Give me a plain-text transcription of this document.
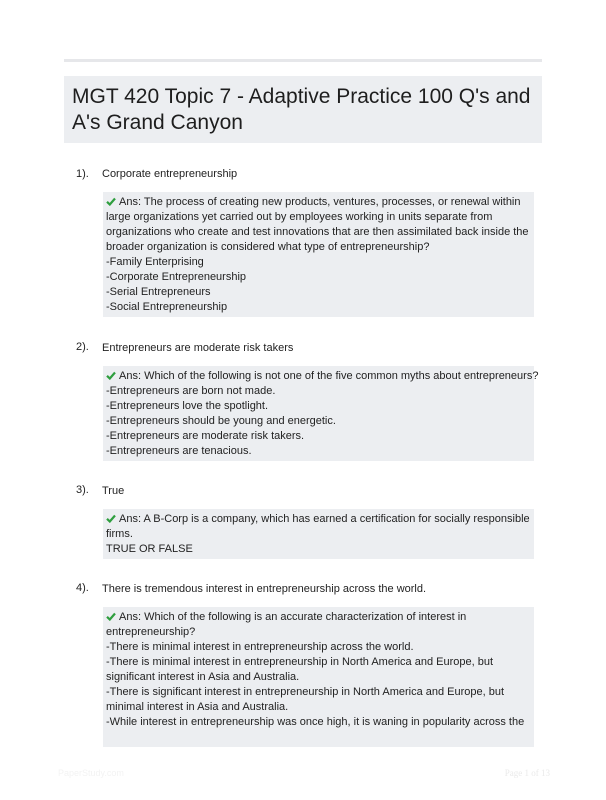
MGT 420 Topic 7 - Adaptive Practice 100 Q's and A's Grand Canyon
1). Corporate entrepreneurship
Ans: The process of creating new products, ventures, processes, or renewal within
large organizations yet carried out by employees working in units separate from
organizations who create and test innovations that are then assimilated back inside the
broader organization is considered what type of entrepreneurship?
-Family Enterprising
-Corporate Entrepreneurship
-Serial Entrepreneurs
-Social Entrepreneurship
2). Entrepreneurs are moderate risk takers
Ans: Which of the following is not one of the five common myths about entrepreneurs?
-Entrepreneurs are born not made.
-Entrepreneurs love the spotlight.
-Entrepreneurs should be young and energetic.
-Entrepreneurs are moderate risk takers.
-Entrepreneurs are tenacious.
3). True
Ans: A B-Corp is a company, which has earned a certification for socially responsible
firms.
TRUE OR FALSE
4). There is tremendous interest in entrepreneurship across the world.
Ans: Which of the following is an accurate characterization of interest in
entrepreneurship?
-There is minimal interest in entrepreneurship across the world.
-There is minimal interest in entrepreneurship in North America and Europe, but
significant interest in Asia and Australia.
-There is significant interest in entrepreneurship in North America and Europe, but
minimal interest in Asia and Australia.
-While interest in entrepreneurship was once high, it is waning in popularity across the
PaperStudy.com	Page 1 of 13
